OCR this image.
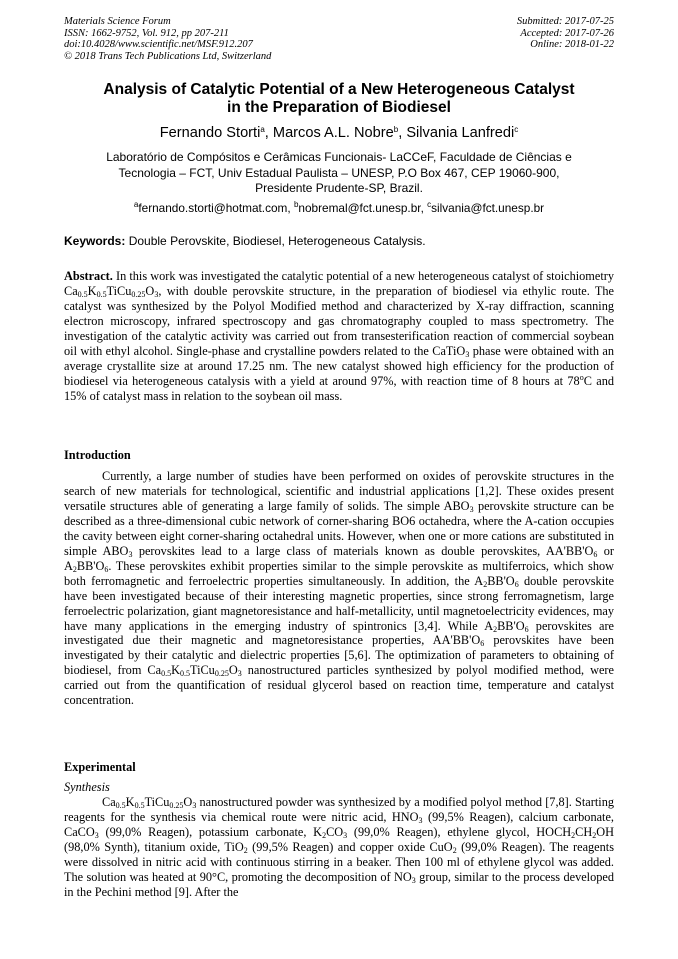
Materials Science Forum
ISSN: 1662-9752, Vol. 912, pp 207-211
doi:10.4028/www.scientific.net/MSF.912.207
© 2018 Trans Tech Publications Ltd, Switzerland
Submitted: 2017-07-25
Accepted: 2017-07-26
Online: 2018-01-22
Analysis of Catalytic Potential of a New Heterogeneous Catalyst
in the Preparation of Biodiesel
Fernando Storti$^a$, Marcos A.L. Nobre$^b$, Silvania Lanfredi$^c$
Laboratório de Compósitos e Cerâmicas Funcionais- LaCCeF, Faculdade de Ciências e
Tecnologia – FCT, Univ Estadual Paulista – UNESP, P.O Box 467, CEP 19060-900,
Presidente Prudente-SP, Brazil.
$^a$fernando.storti@hotmat.com, $^b$nobremal@fct.unesp.br, $^c$silvania@fct.unesp.br
Keywords: Double Perovskite, Biodiesel, Heterogeneous Catalysis.
Abstract. In this work was investigated the catalytic potential of a new heterogeneous catalyst of stoichiometry $Ca_{0.5}K_{0.5}TiCu_{0.25}O_3$, with double perovskite structure, in the preparation of biodiesel via ethylic route. The catalyst was synthesized by the Polyol Modified method and characterized by X-ray diffraction, scanning electron microscopy, infrared spectroscopy and gas chromatography coupled to mass spectrometry. The investigation of the catalytic activity was carried out from transesterification reaction of commercial soybean oil with ethyl alcohol. Single-phase and crystalline powders related to the CaTiO$_3$ phase were obtained with an average crystallite size at around 17.25 nm. The new catalyst showed high efficiency for the production of biodiesel via heterogeneous catalysis with a yield at around 97%, with reaction time of 8 hours at 78$^o$C and 15% of catalyst mass in relation to the soybean oil mass.
Introduction
Currently, a large number of studies have been performed on oxides of perovskite structures in the search of new materials for technological, scientific and industrial applications [1,2]. These oxides present versatile structures able of generating a large family of solids. The simple $ABO_3$ perovskite structure can be described as a three-dimensional cubic network of corner-sharing BO6 octahedra, where the A-cation occupies the cavity between eight corner-sharing octahedral units. However, when one or more cations are substituted in simple $ABO_3$ perovskites lead to a large class of materials known as double perovskites, $AA'BB'O_6$ or $A_2BB'O_6$. These perovskites exhibit properties similar to the simple perovskite as multiferroics, which show both ferromagnetic and ferroelectric properties simultaneously. In addition, the $A_2BB'O_6$ double perovskite have been investigated because of their interesting magnetic properties, since strong ferromagnetism, large ferroelectric polarization, giant magnetoresistance and half-metallicity, until magnetoelectricity evidences, may have many applications in the emerging industry of spintronics [3,4]. While $A_2BB'O_6$ perovskites are investigated due their magnetic and magnetoresistance properties, $AA'BB'O_6$ perovskites have been investigated by their catalytic and dielectric properties [5,6]. The optimization of parameters to obtaining of biodiesel, from $Ca_{0.5}K_{0.5}TiCu_{0.25}O_3$ nanostructured particles synthesized by polyol modified method, were carried out from the quantification of residual glycerol based on reaction time, temperature and catalyst concentration.
Experimental
Synthesis
$Ca_{0.5}K_{0.5}TiCu_{0.25}O_3$ nanostructured powder was synthesized by a modified polyol method [7,8]. Starting reagents for the synthesis via chemical route were nitric acid, $HNO_3$ (99,5% Reagen), calcium carbonate, CaCO$_3$ (99,0% Reagen), potassium carbonate, $K_2CO_3$ (99,0% Reagen), ethylene glycol, $HOCH_2CH_2OH$ (98,0% Synth), titanium oxide, TiO$_2$ (99,5% Reagen) and copper oxide CuO$_2$ (99,0% Reagen). The reagents were dissolved in nitric acid with continuous stirring in a beaker. Then 100 ml of ethylene glycol was added. The solution was heated at 90°C, promoting the decomposition of $NO_3$ group, similar to the process developed in the Pechini method [9]. After the
